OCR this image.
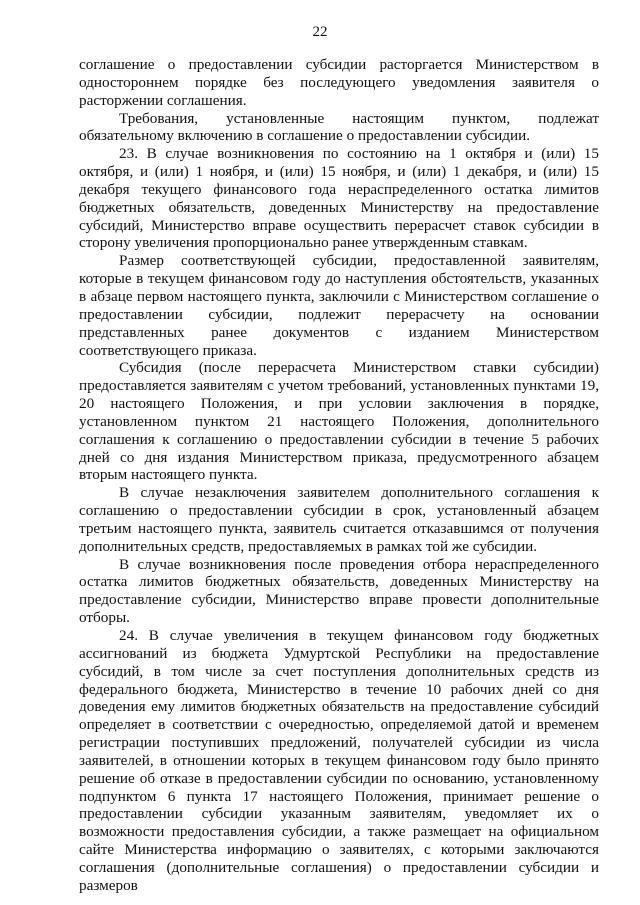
22

соглашение о предоставлении субсидии расторгается Министерством в одностороннем порядке без последующего уведомления заявителя о расторжении соглашения.

Требования, установленные настоящим пунктом, подлежат обязательному включению в соглашение о предоставлении субсидии.

23. В случае возникновения по состоянию на 1 октября и (или) 15 октября, и (или) 1 ноября, и (или) 15 ноября, и (или) 1 декабря, и (или) 15 декабря текущего финансового года нераспределенного остатка лимитов бюджетных обязательств, доведенных Министерству на предоставление субсидий, Министерство вправе осуществить перерасчет ставок субсидии в сторону увеличения пропорционально ранее утвержденным ставкам.

Размер соответствующей субсидии, предоставленной заявителям, которые в текущем финансовом году до наступления обстоятельств, указанных в абзаце первом настоящего пункта, заключили с Министерством соглашение о предоставлении субсидии, подлежит перерасчету на основании представленных ранее документов с изданием Министерством соответствующего приказа.

Субсидия (после перерасчета Министерством ставки субсидии) предоставляется заявителям с учетом требований, установленных пунктами 19, 20 настоящего Положения, и при условии заключения в порядке, установленном пунктом 21 настоящего Положения, дополнительного соглашения к соглашению о предоставлении субсидии в течение 5 рабочих дней со дня издания Министерством приказа, предусмотренного абзацем вторым настоящего пункта.

В случае незаключения заявителем дополнительного соглашения к соглашению о предоставлении субсидии в срок, установленный абзацем третьим настоящего пункта, заявитель считается отказавшимся от получения дополнительных средств, предоставляемых в рамках той же субсидии.

В случае возникновения после проведения отбора нераспределенного остатка лимитов бюджетных обязательств, доведенных Министерству на предоставление субсидии, Министерство вправе провести дополнительные отборы.

24. В случае увеличения в текущем финансовом году бюджетных ассигнований из бюджета Удмуртской Республики на предоставление субсидий, в том числе за счет поступления дополнительных средств из федерального бюджета, Министерство в течение 10 рабочих дней со дня доведения ему лимитов бюджетных обязательств на предоставление субсидий определяет в соответствии с очередностью, определяемой датой и временем регистрации поступивших предложений, получателей субсидии из числа заявителей, в отношении которых в текущем финансовом году было принято решение об отказе в предоставлении субсидии по основанию, установленному подпунктом 6 пункта 17 настоящего Положения, принимает решение о предоставлении субсидии указанным заявителям, уведомляет их о возможности предоставления субсидии, а также размещает на официальном сайте Министерства информацию о заявителях, с которыми заключаются соглашения (дополнительные соглашения) о предоставлении субсидии и размеров
